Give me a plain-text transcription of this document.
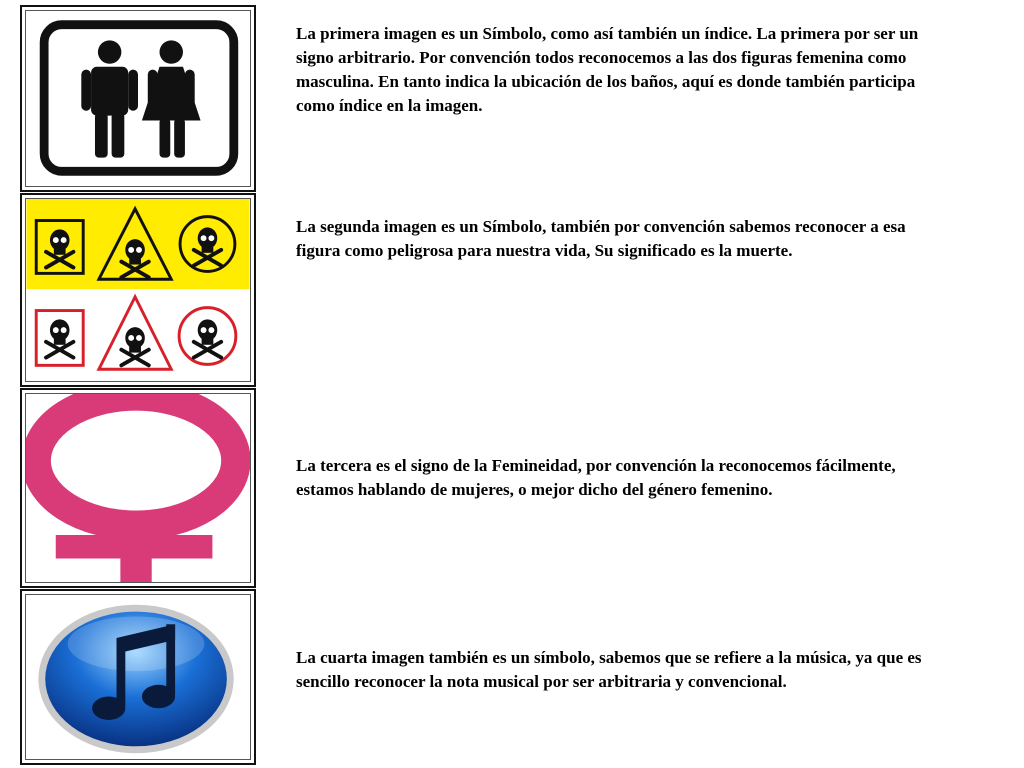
La primera imagen es un Símbolo, como así también un índice. La primera por ser un signo arbitrario. Por convención todos reconocemos a las dos figuras femenina como masculina. En tanto indica la ubicación de los baños, aquí es donde también participa como índice en la imagen.

La segunda imagen es un Símbolo, también por convención sabemos reconocer a esa figura como peligrosa para nuestra vida, Su significado es la muerte.

La tercera es el signo de la Femineidad, por convención la reconocemos fácilmente, estamos hablando de mujeres, o mejor dicho del género femenino.

La cuarta imagen también es un símbolo, sabemos que se refiere a la música, ya que es sencillo reconocer la nota musical por ser arbitraria y convencional.
